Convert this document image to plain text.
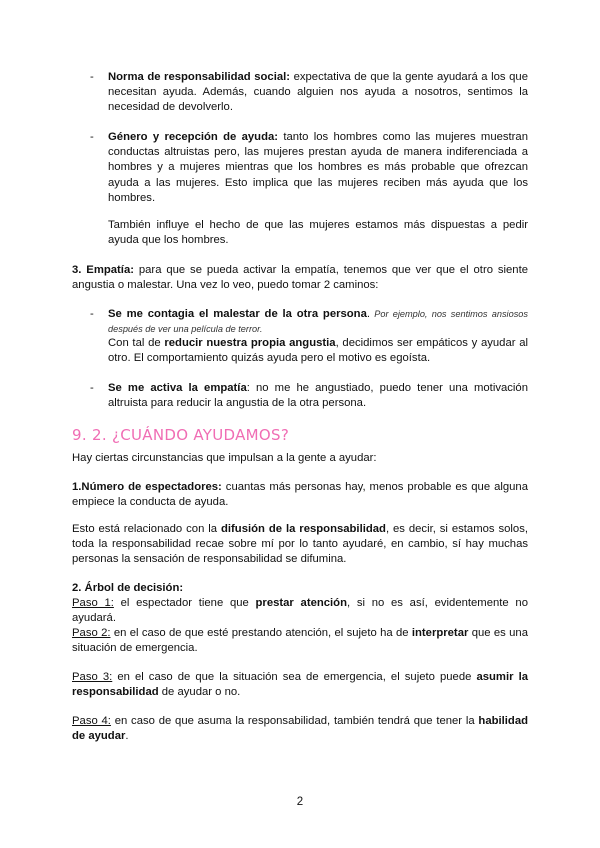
- Norma de responsabilidad social: expectativa de que la gente ayudará a los que necesitan ayuda. Además, cuando alguien nos ayuda a nosotros, sentimos la necesidad de devolverlo.
- Género y recepción de ayuda: tanto los hombres como las mujeres muestran conductas altruistas pero, las mujeres prestan ayuda de manera indiferenciada a hombres y a mujeres mientras que los hombres es más probable que ofrezcan ayuda a las mujeres. Esto implica que las mujeres reciben más ayuda que los hombres.
También influye el hecho de que las mujeres estamos más dispuestas a pedir ayuda que los hombres.
3. Empatía: para que se pueda activar la empatía, tenemos que ver que el otro siente angustia o malestar. Una vez lo veo, puedo tomar 2 caminos:
- Se me contagia el malestar de la otra persona. Por ejemplo, nos sentimos ansiosos después de ver una película de terror.
Con tal de reducir nuestra propia angustia, decidimos ser empáticos y ayudar al otro. El comportamiento quizás ayuda pero el motivo es egoísta.
- Se me activa la empatía: no me he angustiado, puedo tener una motivación altruista para reducir la angustia de la otra persona.
9. 2. ¿CUÁNDO AYUDAMOS?
Hay ciertas circunstancias que impulsan a la gente a ayudar:
1.Número de espectadores: cuantas más personas hay, menos probable es que alguna empiece la conducta de ayuda.
Esto está relacionado con la difusión de la responsabilidad, es decir, si estamos solos, toda la responsabilidad recae sobre mí por lo tanto ayudaré, en cambio, sí hay muchas personas la sensación de responsabilidad se difumina.
2. Árbol de decisión:
Paso 1: el espectador tiene que prestar atención, si no es así, evidentemente no ayudará.
Paso 2: en el caso de que esté prestando atención, el sujeto ha de interpretar que es una situación de emergencia.
Paso 3: en el caso de que la situación sea de emergencia, el sujeto puede asumir la responsabilidad de ayudar o no.
Paso 4: en caso de que asuma la responsabilidad, también tendrá que tener la habilidad de ayudar.
2
